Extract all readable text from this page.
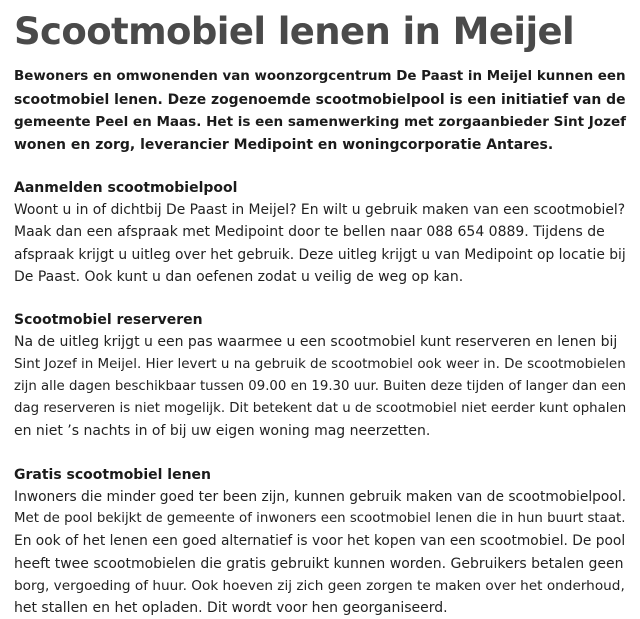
Scootmobiel lenen in Meijel

Bewoners en omwonenden van woonzorgcentrum De Paast in Meijel kunnen een
scootmobiel lenen. Deze zogenoemde scootmobielpool is een initiatief van de
gemeente Peel en Maas. Het is een samenwerking met zorgaanbieder Sint Jozef
wonen en zorg, leverancier Medipoint en woningcorporatie Antares.

Aanmelden scootmobielpool

Woont u in of dichtbij De Paast in Meijel? En wilt u gebruik maken van een scootmobiel?
Maak dan een afspraak met Medipoint door te bellen naar 088 654 0889. Tijdens de
afspraak krijgt u uitleg over het gebruik. Deze uitleg krijgt u van Medipoint op locatie bij
De Paast. Ook kunt u dan oefenen zodat u veilig de weg op kan.

Scootmobiel reserveren

Na de uitleg krijgt u een pas waarmee u een scootmobiel kunt reserveren en lenen bij
Sint Jozef in Meijel. Hier levert u na gebruik de scootmobiel ook weer in. De scootmobielen
zijn alle dagen beschikbaar tussen 09.00 en 19.30 uur. Buiten deze tijden of langer dan een
dag reserveren is niet mogelijk. Dit betekent dat u de scootmobiel niet eerder kunt ophalen
en niet ’s nachts in of bij uw eigen woning mag neerzetten.

Gratis scootmobiel lenen

Inwoners die minder goed ter been zijn, kunnen gebruik maken van de scootmobielpool.
Met de pool bekijkt de gemeente of inwoners een scootmobiel lenen die in hun buurt staat.
En ook of het lenen een goed alternatief is voor het kopen van een scootmobiel. De pool
heeft twee scootmobielen die gratis gebruikt kunnen worden. Gebruikers betalen geen
borg, vergoeding of huur. Ook hoeven zij zich geen zorgen te maken over het onderhoud,
het stallen en het opladen. Dit wordt voor hen georganiseerd.
